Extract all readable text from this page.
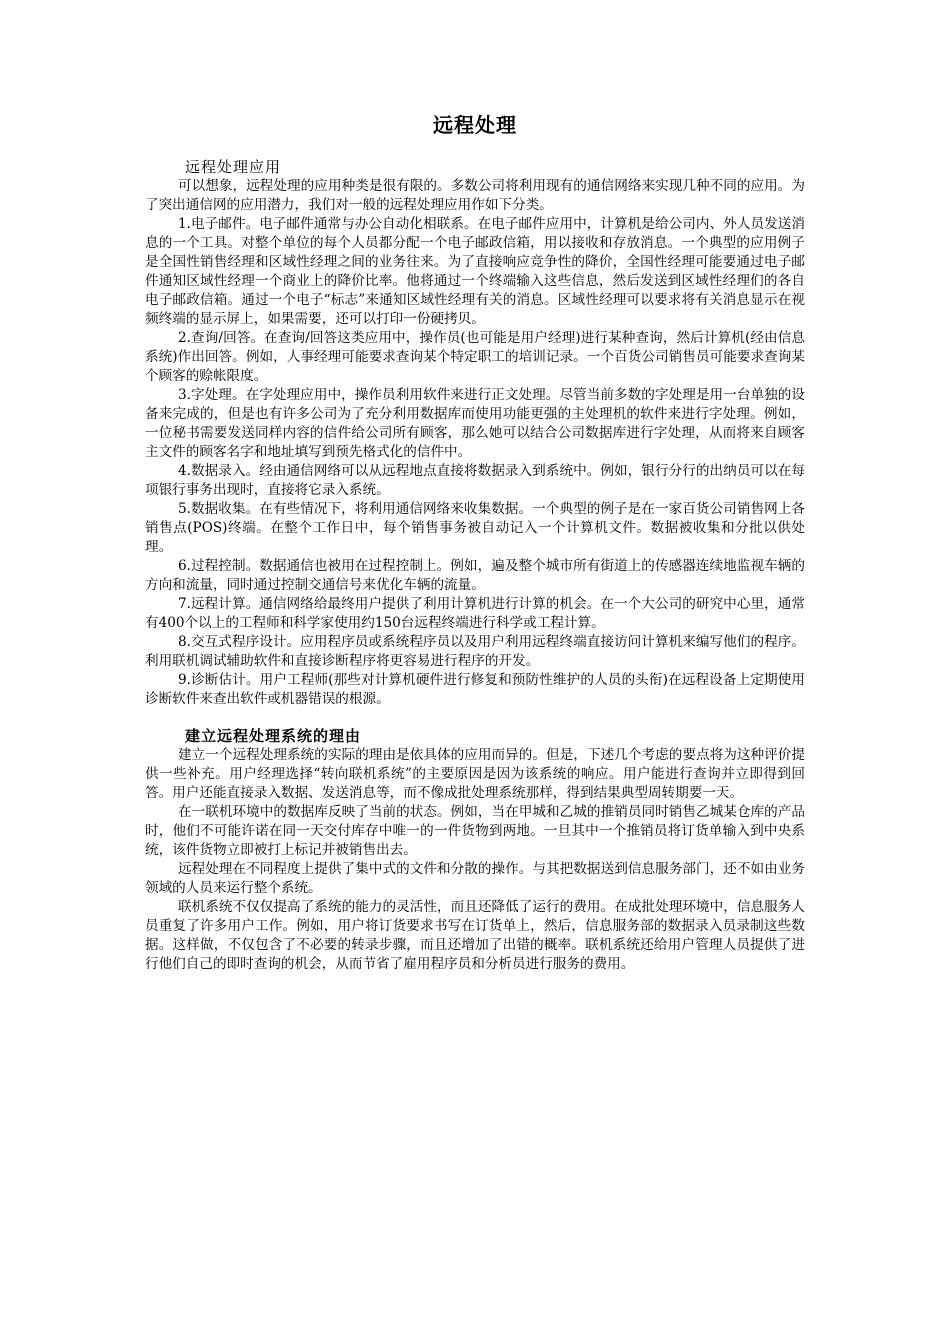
远程处理
远程处理应用

可以想象，远程处理的应用种类是很有限的。多数公司将利用现有的通信网络来实现几种不同的应用。为了突出通信网的应用潜力，我们对一般的远程处理应用作如下分类。

1.电子邮件。电子邮件通常与办公自动化相联系。在电子邮件应用中，计算机是给公司内、外人员发送消息的一个工具。对整个单位的每个人员都分配一个电子邮政信箱，用以接收和存放消息。一个典型的应用例子是全国性销售经理和区域性经理之间的业务往来。为了直接响应竞争性的降价，全国性经理可能要通过电子邮件通知区域性经理一个商业上的降价比率。他将通过一个终端输入这些信息，然后发送到区域性经理们的各自电子邮政信箱。通过一个电子“标志”来通知区域性经理有关的消息。区域性经理可以要求将有关消息显示在视频终端的显示屏上，如果需要，还可以打印一份硬拷贝。

2.查询/回答。在查询/回答这类应用中，操作员(也可能是用户经理)进行某种查询，然后计算机(经由信息系统)作出回答。例如，人事经理可能要求查询某个特定职工的培训记录。一个百货公司销售员可能要求查询某个顾客的赊帐限度。

3.字处理。在字处理应用中，操作员利用软件来进行正文处理。尽管当前多数的字处理是用一台单独的设备来完成的，但是也有许多公司为了充分利用数据库而使用功能更强的主处理机的软件来进行字处理。例如，一位秘书需要发送同样内容的信件给公司所有顾客，那么她可以结合公司数据库进行字处理，从而将来自顾客主文件的顾客名字和地址填写到预先格式化的信件中。

4.数据录入。经由通信网络可以从远程地点直接将数据录入到系统中。例如，银行分行的出纳员可以在每项银行事务出现时，直接将它录入系统。

5.数据收集。在有些情况下，将利用通信网络来收集数据。一个典型的例子是在一家百货公司销售网上各销售点(POS)终端。在整个工作日中，每个销售事务被自动记入一个计算机文件。数据被收集和分批以供处理。

6.过程控制。数据通信也被用在过程控制上。例如，遍及整个城市所有街道上的传感器连续地监视车辆的方向和流量，同时通过控制交通信号来优化车辆的流量。

7.远程计算。通信网络给最终用户提供了利用计算机进行计算的机会。在一个大公司的研究中心里，通常有400个以上的工程师和科学家使用约150台远程终端进行科学或工程计算。

8.交互式程序设计。应用程序员或系统程序员以及用户利用远程终端直接访问计算机来编写他们的程序。利用联机调试辅助软件和直接诊断程序将更容易进行程序的开发。

9.诊断估计。用户工程师(那些对计算机硬件进行修复和预防性维护的人员的头衔)在远程设备上定期使用诊断软件来查出软件或机器错误的根源。

建立远程处理系统的理由

建立一个远程处理系统的实际的理由是依具体的应用而异的。但是，下述几个考虑的要点将为这种评价提供一些补充。用户经理选择“转向联机系统”的主要原因是因为该系统的响应。用户能进行查询并立即得到回答。用户还能直接录入数据、发送消息等，而不像成批处理系统那样，得到结果典型周转期要一天。

在一联机环境中的数据库反映了当前的状态。例如，当在甲城和乙城的推销员同时销售乙城某仓库的产品时，他们不可能许诺在同一天交付库存中唯一的一件货物到两地。一旦其中一个推销员将订货单输入到中央系统，该件货物立即被打上标记并被销售出去。

远程处理在不同程度上提供了集中式的文件和分散的操作。与其把数据送到信息服务部门，还不如由业务领域的人员来运行整个系统。

联机系统不仅仅提高了系统的能力的灵活性，而且还降低了运行的费用。在成批处理环境中，信息服务人员重复了许多用户工作。例如，用户将订货要求书写在订货单上，然后，信息服务部的数据录入员录制这些数据。这样做，不仅包含了不必要的转录步骤，而且还增加了出错的概率。联机系统还给用户管理人员提供了进行他们自己的即时查询的机会，从而节省了雇用程序员和分析员进行服务的费用。
